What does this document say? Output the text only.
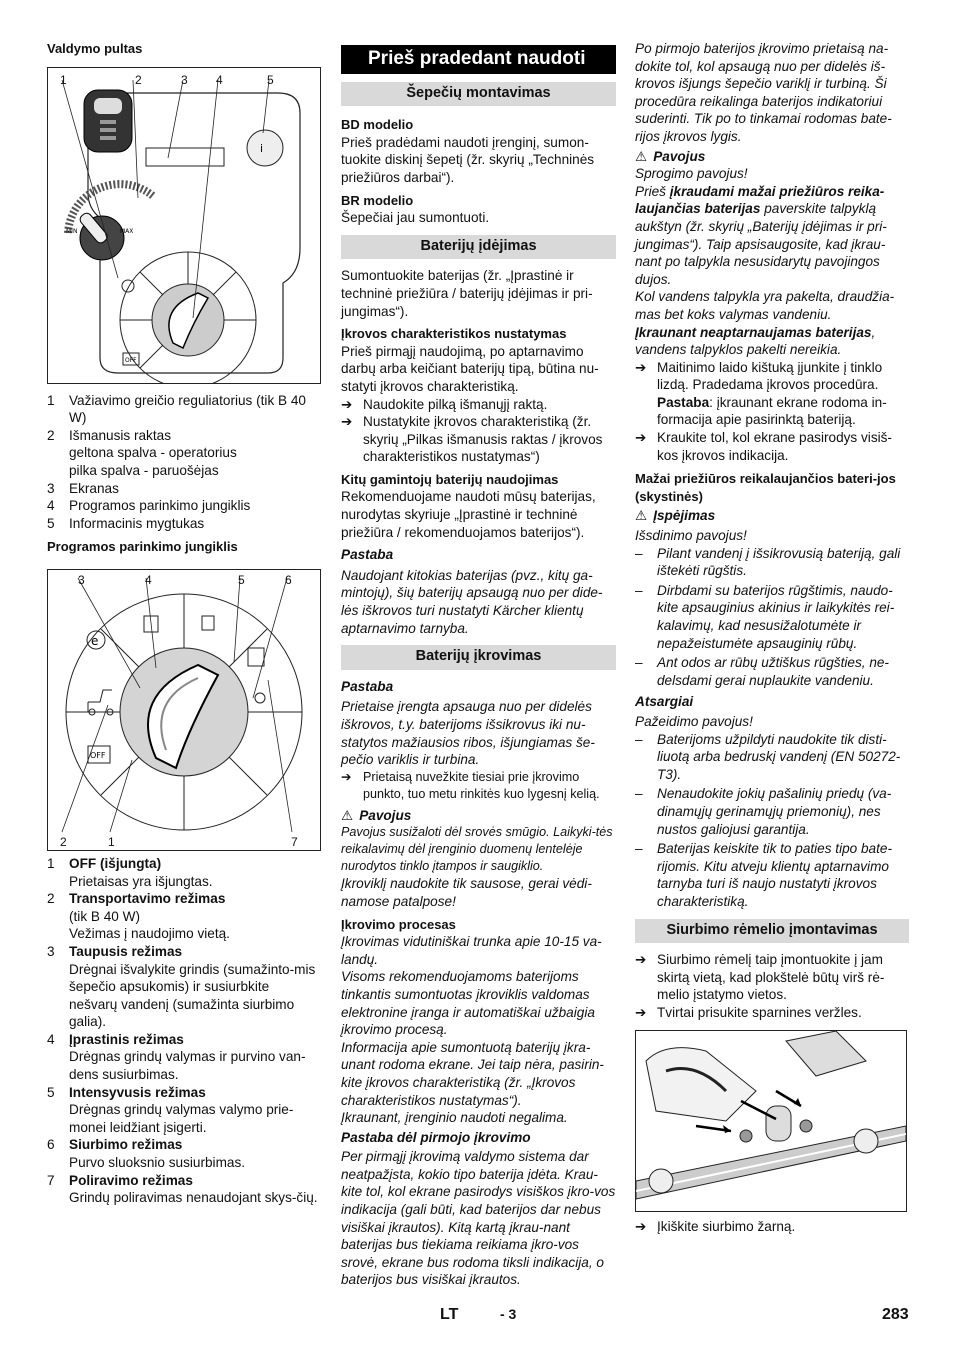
Valdymo pultas

1	2	3 4	5
i
MIN	MAX
OFF
1	Važiavimo greičio reguliatorius (tik B 40 W)
2	Išmanusis raktas
geltona spalva - operatorius
pilka spalva - paruošėjas
3	Ekranas
4	Programos parinkimo jungiklis
5	Informacinis mygtukas

Programos parinkimo jungiklis

3	4	5	6
2	1	7
e
OFF
1	OFF (išjungta)
Prietaisas yra išjungtas.
2	Transportavimo režimas
(tik B 40 W)
Vežimas į naudojimo vietą.
3	Taupusis režimas
Drėgnai išvalykite grindis (sumažinto-mis šepečio apsukomis) ir susiurbkite nešvarų vandenį (sumažinta siurbimo galia).
4	Įprastinis režimas
Drėgnas grindų valymas ir purvino van-dens susiurbimas.
5	Intensyvusis režimas
Drėgnas grindų valymas valymo prie-monei leidžiant įsigerti.
6	Siurbimo režimas
Purvo sluoksnio susiurbimas.
7	Poliravimo režimas
Grindų poliravimas nenaudojant skys-čių.
Prieš pradedant naudoti
Šepečių montavimas

BD modelio

Prieš pradėdami naudoti įrenginį, sumon-tuokite diskinį šepetį (žr. skyrių „Techninės priežiūros darbai“).

BR modelio

Šepečiai jau sumontuoti.

Baterijų įdėjimas

Sumontuokite baterijas (žr. „Įprastinė ir techninė priežiūra / baterijų įdėjimas ir pri-jungimas“).

Įkrovos charakteristikos nustatymas

Prieš pirmąjį naudojimą, po aptarnavimo darbų arba keičiant baterijų tipą, būtina nu-statyti įkrovos charakteristiką.

➔ Naudokite pilką išmanųjį raktą.
➔ Nustatykite įkrovos charakteristiką (žr. skyrių „Pilkas išmanusis raktas / įkrovos charakteristikos nustatymas“)

Kitų gamintojų baterijų naudojimas

Rekomenduojame naudoti mūsų baterijas, nurodytas skyriuje „Įprastinė ir techninė priežiūra / rekomenduojamos baterijos“).

Pastaba

Naudojant kitokias baterijas (pvz., kitų ga-mintojų), šių baterijų apsaugą nuo per dide-lės iškrovos turi nustatyti Kärcher klientų aptarnavimo tarnyba.

Baterijų įkrovimas

Pastaba

Prietaise įrengta apsauga nuo per didelės iškrovos, t.y. baterijoms išsikrovus iki nu-statytos mažiausios ribos, išjungiamas še-pečio variklis ir turbina.

➔ Prietaisą nuvežkite tiesiai prie įkrovimo punkto, tuo metu rinkitės kuo lygesnį kelią.

⚠ Pavojus

Pavojus susižaloti dėl srovės smūgio. Laikyki-tės reikalavimų dėl įrenginio duomenų lentelėje nurodytos tinklo įtampos ir saugiklio.

Įkroviklį naudokite tik sausose, gerai vėdi-namose patalpose!

Įkrovimo procesas

Įkrovimas vidutiniškai trunka apie 10-15 va-landų.

Visoms rekomenduojamoms baterijoms tinkantis sumontuotas įkroviklis valdomas elektronine įranga ir automatiškai užbaigia įkrovimo procesą.

Informacija apie sumontuotą baterijų įkra-unant rodoma ekrane. Jei taip nėra, pasirin-kite įkrovos charakteristiką (žr. „Įkrovos charakteristikos nustatymas“).

Įkraunant, įrenginio naudoti negalima.

Pastaba dėl pirmojo įkrovimo

Per pirmąjį įkrovimą valdymo sistema dar neatpažįsta, kokio tipo baterija įdėta. Krau-kite tol, kol ekrane pasirodys visiškos įkro-vos indikacija (gali būti, kad baterijos dar nebus visiškai įkrautos). Kitą kartą įkrau-nant baterijas bus tiekiama reikiama įkro-vos srovė, ekrane bus rodoma tiksli indikacija, o baterijos bus visiškai įkrautos.

Po pirmojo baterijos įkrovimo prietaisą na-dokite tol, kol apsaugą nuo per didelės iš-krovos išjungs šepečio variklį ir turbiną. Ši procedūra reikalinga baterijos indikatoriui suderinti. Tik po to tinkamai rodomas bate-rijos įkrovos lygis.

⚠ Pavojus

Sprogimo pavojus!

Prieš įkraudami mažai priežiūros reika-laujančias baterijas paverskite talpyklą aukštyn (žr. skyrių „Baterijų įdėjimas ir pri-jungimas“). Taip apsisaugosite, kad įkrau-nant po talpykla nesusidarytų pavojingos dujos.

Kol vandens talpykla yra pakelta, draudžia-mas bet koks valymas vandeniu.

Įkraunant neaptarnaujamas baterijas, vandens talpyklos pakelti nereikia.

➔ Maitinimo laido kištuką įjunkite į tinklo lizdą. Pradedama įkrovos procedūra.
Pastaba: įkraunant ekrane rodoma in-formacija apie pasirinktą bateriją.
➔ Kraukite tol, kol ekrane pasirodys visiš-kos įkrovos indikacija.

Mažai priežiūros reikalaujančios bateri-jos (skystinės)

⚠ Įspėjimas

Išsdinimo pavojus!

–	Pilant vandenį į išsikrovusią bateriją, gali ištekėti rūgštis.
–	Dirbdami su baterijos rūgštimis, naudo-kite apsauginius akinius ir laikykitės rei-kalavimų, kad nesusižalotumėte ir nepažeistumėte apsauginių rūbų.
–	Ant odos ar rūbų užtiškus rūgšties, ne-delsdami gerai nuplaukite vandeniu.

Atsargiai

Pažeidimo pavojus!

–	Baterijoms užpildyti naudokite tik disti-liuotą arba bedruskį vandenį (EN 50272-T3).
–	Nenaudokite jokių pašalinių priedų (va-dinamųjų gerinamųjų priemonių), nes nustos galiojusi garantija.
–	Baterijas keiskite tik to paties tipo bate-rijomis. Kitu atveju klientų aptarnavimo tarnyba turi iš naujo nustatyti įkrovos charakteristiką.
Siurbimo rėmelio įmontavimas
➔ Siurbimo rėmelį taip įmontuokite į jam skirtą vietą, kad plokštelė būtų virš rė-melio įstatymo vietos.
➔ Tvirtai prisukite sparnines veržles.
➔ Įkiškite siurbimo žarną.
LT	- 3	283
